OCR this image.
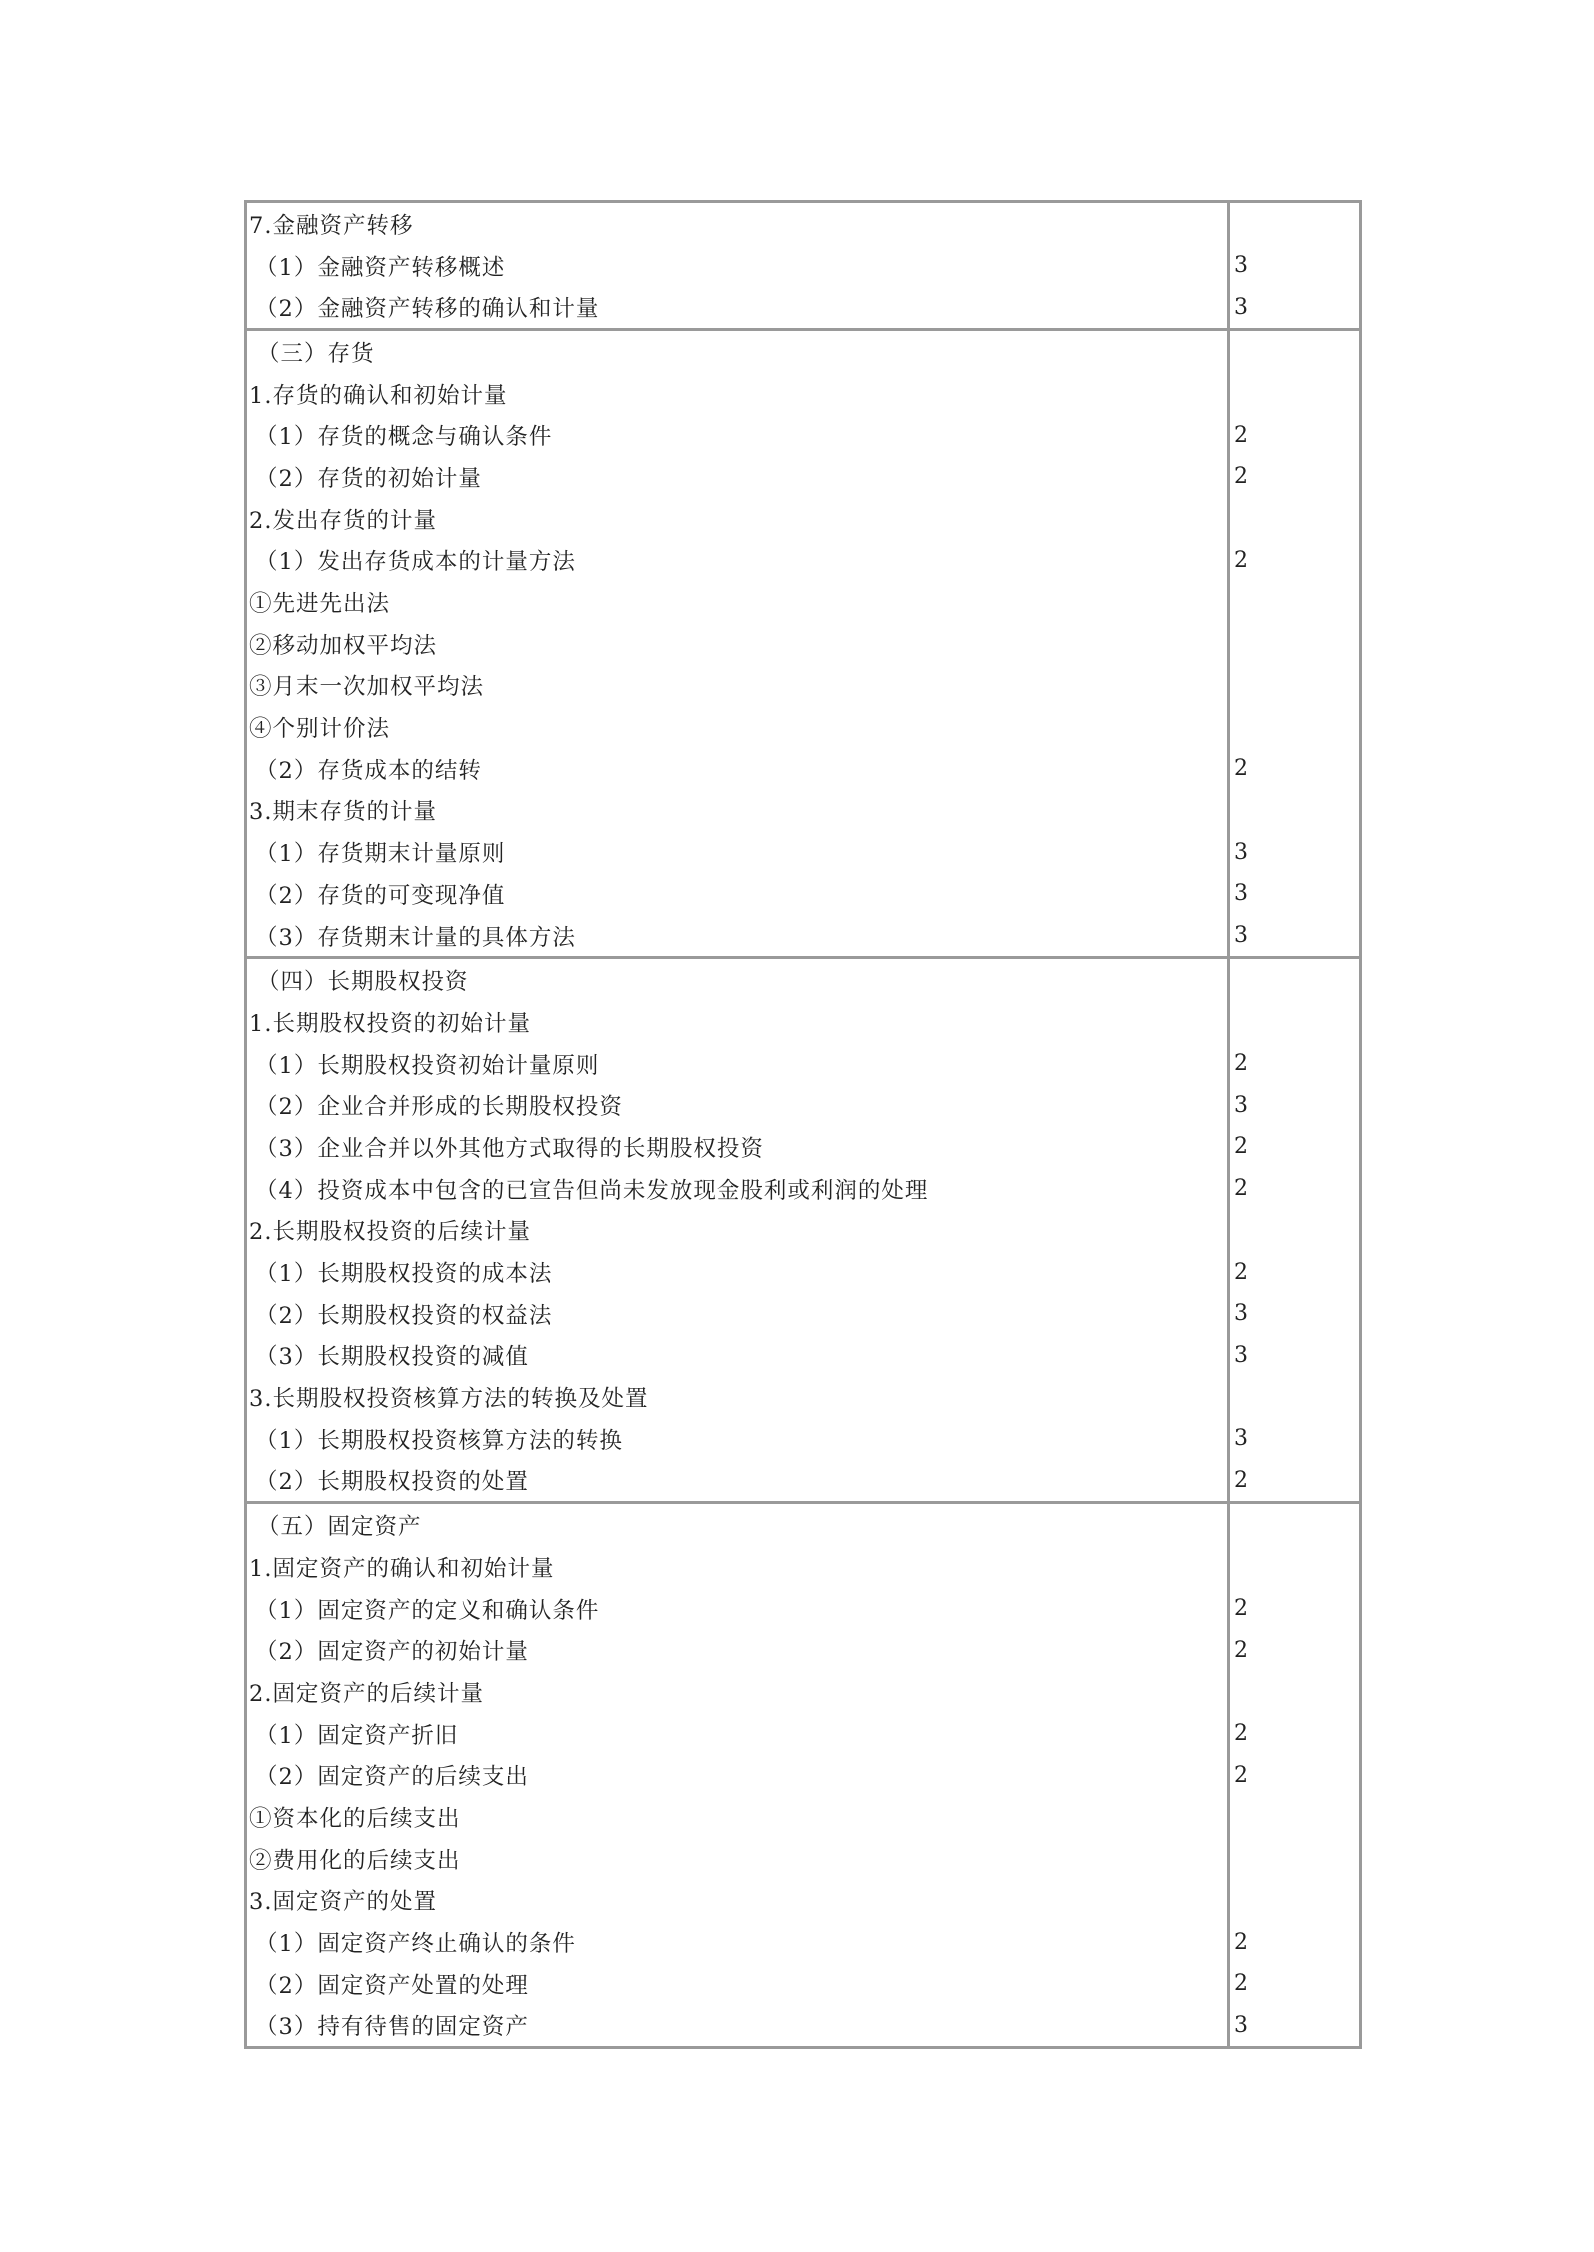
7.金融资产转移
（1）金融资产转移概述	3
（2）金融资产转移的确认和计量	3
（三）存货
1.存货的确认和初始计量
（1）存货的概念与确认条件	2
（2）存货的初始计量	2
2.发出存货的计量
（1）发出存货成本的计量方法	2
①先进先出法
②移动加权平均法
③月末一次加权平均法
④个别计价法
（2）存货成本的结转	2
3.期末存货的计量
（1）存货期末计量原则	3
（2）存货的可变现净值	3
（3）存货期末计量的具体方法	3
（四）长期股权投资
1.长期股权投资的初始计量
（1）长期股权投资初始计量原则	2
（2）企业合并形成的长期股权投资	3
（3）企业合并以外其他方式取得的长期股权投资	2
（4）投资成本中包含的已宣告但尚未发放现金股利或利润的处理	2
2.长期股权投资的后续计量
（1）长期股权投资的成本法	2
（2）长期股权投资的权益法	3
（3）长期股权投资的减值	3
3.长期股权投资核算方法的转换及处置
（1）长期股权投资核算方法的转换	3
（2）长期股权投资的处置	2
（五）固定资产
1.固定资产的确认和初始计量
（1）固定资产的定义和确认条件	2
（2）固定资产的初始计量	2
2.固定资产的后续计量
（1）固定资产折旧	2
（2）固定资产的后续支出	2
①资本化的后续支出
②费用化的后续支出
3.固定资产的处置
（1）固定资产终止确认的条件	2
（2）固定资产处置的处理	2
（3）持有待售的固定资产	3
